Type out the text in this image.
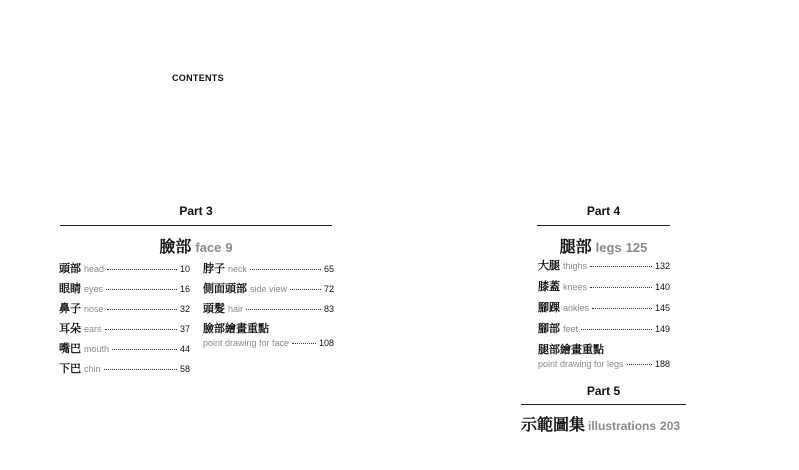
CONTENTS
Part 3
臉部 face 9
頭部 head	10
眼睛 eyes	16
鼻子 nose	32
耳朵 ears	37
嘴巴 mouth	44
下巴 chin	58
脖子 neck	65
側面頭部 side view	72
頭髮 hair	83
臉部繪畫重點
point drawing for face	108
Part 4
腿部 legs 125
大腿 thighs	132
膝蓋 knees	140
腳踝 ankles	145
腳部 feet	149
腿部繪畫重點
point drawing for legs	188
Part 5
示範圖集 illustrations 203
